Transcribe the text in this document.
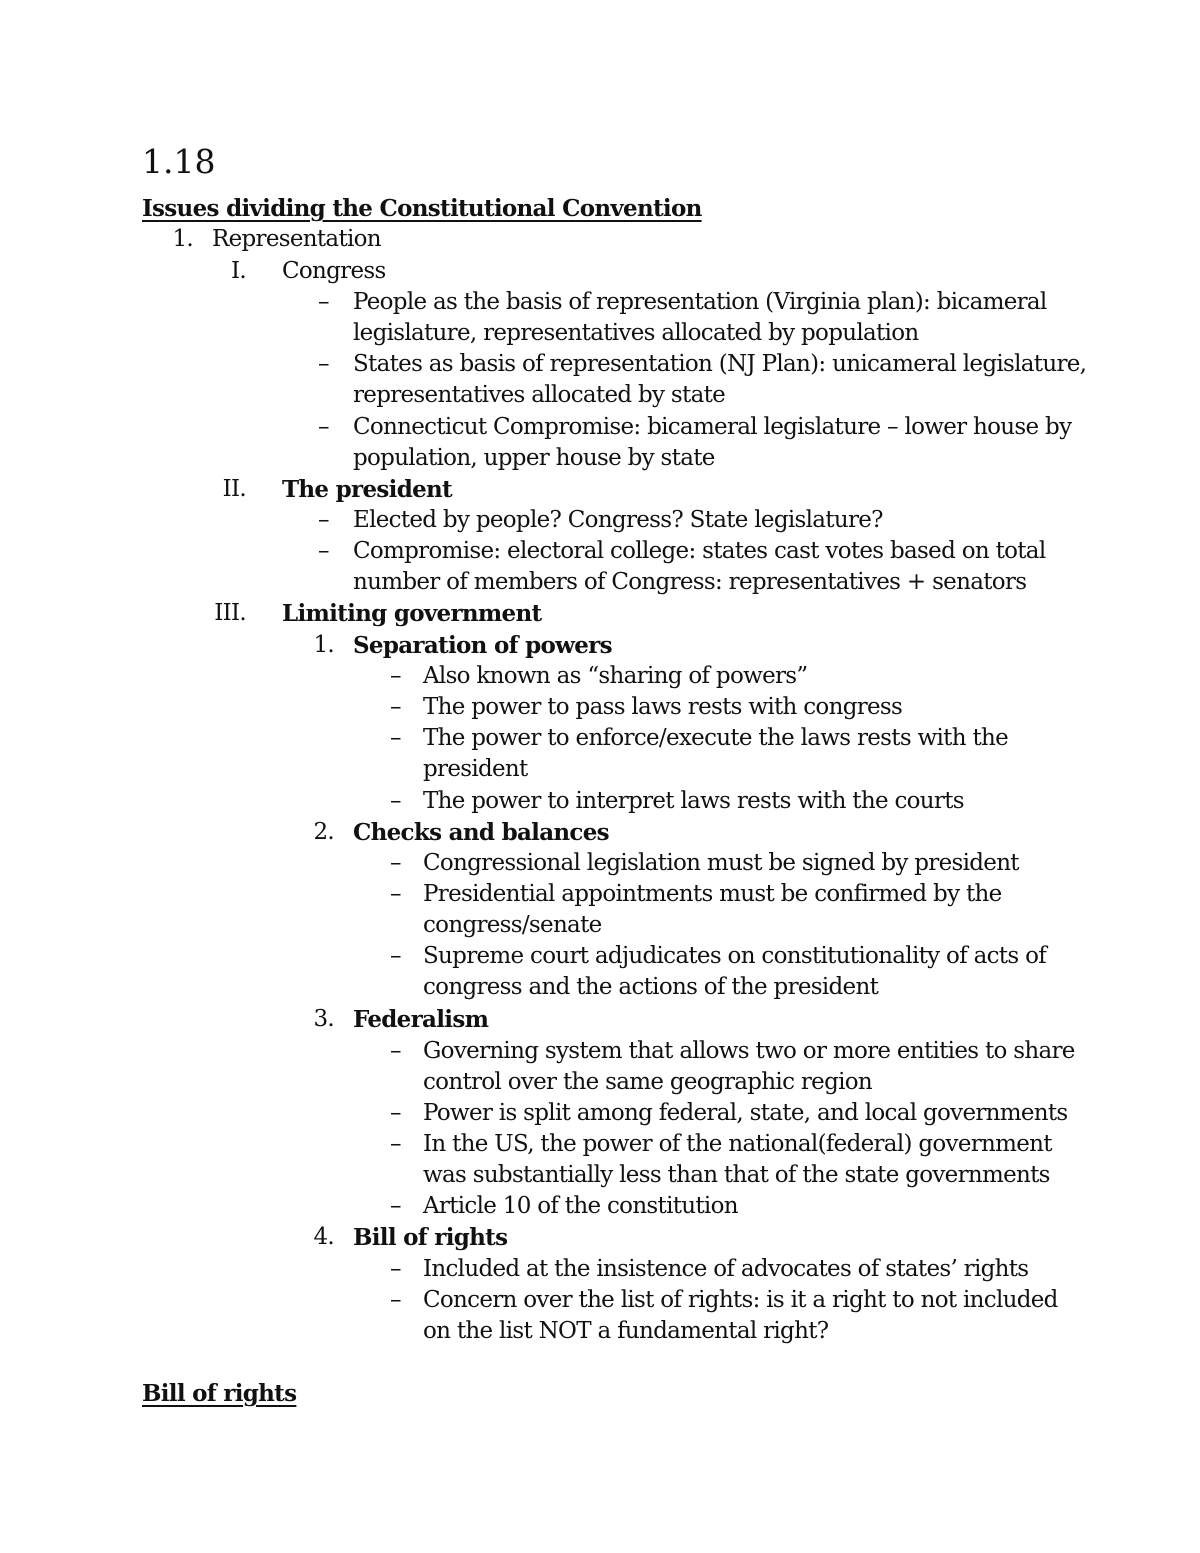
1.18
Issues dividing the Constitutional Convention
1. Representation
I. Congress
– People as the basis of representation (Virginia plan): bicameral
legislature, representatives allocated by population
– States as basis of representation (NJ Plan): unicameral legislature,
representatives allocated by state
– Connecticut Compromise: bicameral legislature – lower house by
population, upper house by state
II. The president
– Elected by people? Congress? State legislature?
– Compromise: electoral college: states cast votes based on total
number of members of Congress: representatives + senators
III. Limiting government
1. Separation of powers
– Also known as “sharing of powers”
– The power to pass laws rests with congress
– The power to enforce/execute the laws rests with the
president
– The power to interpret laws rests with the courts
2. Checks and balances
– Congressional legislation must be signed by president
– Presidential appointments must be confirmed by the
congress/senate
– Supreme court adjudicates on constitutionality of acts of
congress and the actions of the president
3. Federalism
– Governing system that allows two or more entities to share
control over the same geographic region
– Power is split among federal, state, and local governments
– In the US, the power of the national(federal) government
was substantially less than that of the state governments
– Article 10 of the constitution
4. Bill of rights
– Included at the insistence of advocates of states’ rights
– Concern over the list of rights: is it a right to not included
on the list NOT a fundamental right?
Bill of rights
